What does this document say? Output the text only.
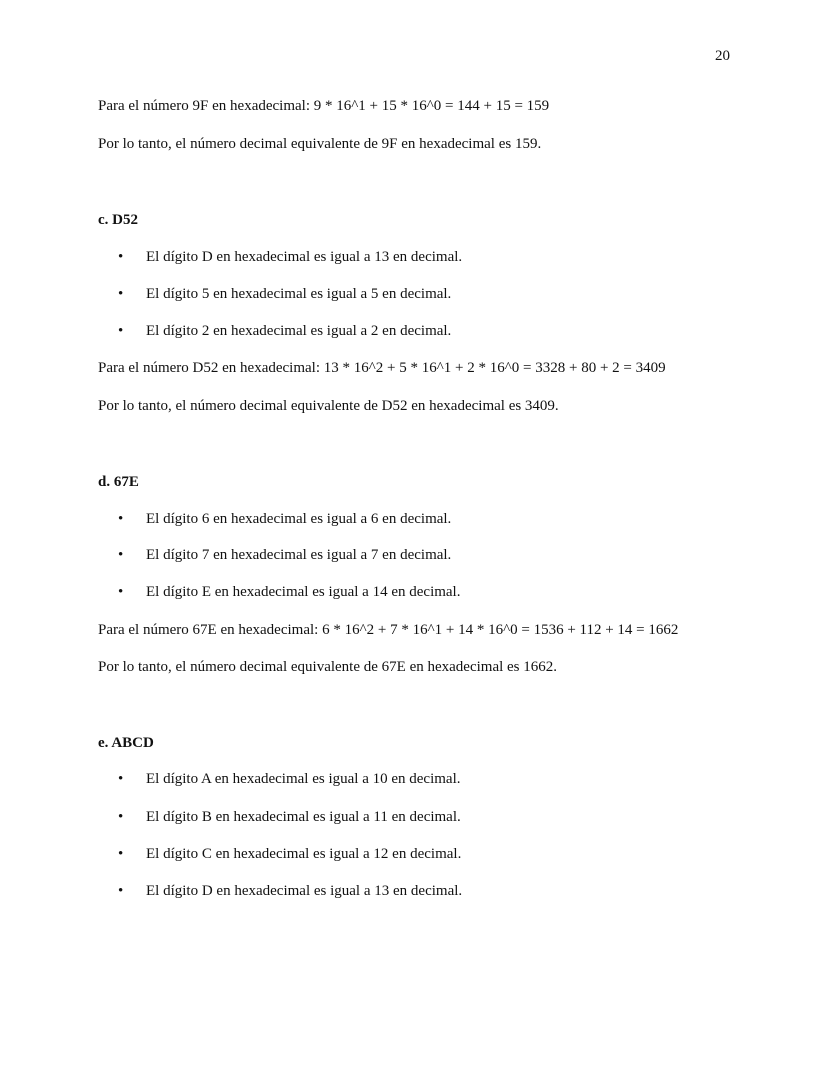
20
Para el número 9F en hexadecimal: 9 * 16^1 + 15 * 16^0 = 144 + 15 = 159
Por lo tanto, el número decimal equivalente de 9F en hexadecimal es 159.
c. D52
• El dígito D en hexadecimal es igual a 13 en decimal.
• El dígito 5 en hexadecimal es igual a 5 en decimal.
• El dígito 2 en hexadecimal es igual a 2 en decimal.
Para el número D52 en hexadecimal: 13 * 16^2 + 5 * 16^1 + 2 * 16^0 = 3328 + 80 + 2 = 3409
Por lo tanto, el número decimal equivalente de D52 en hexadecimal es 3409.
d. 67E
• El dígito 6 en hexadecimal es igual a 6 en decimal.
• El dígito 7 en hexadecimal es igual a 7 en decimal.
• El dígito E en hexadecimal es igual a 14 en decimal.
Para el número 67E en hexadecimal: 6 * 16^2 + 7 * 16^1 + 14 * 16^0 = 1536 + 112 + 14 = 1662
Por lo tanto, el número decimal equivalente de 67E en hexadecimal es 1662.
e. ABCD
• El dígito A en hexadecimal es igual a 10 en decimal.
• El dígito B en hexadecimal es igual a 11 en decimal.
• El dígito C en hexadecimal es igual a 12 en decimal.
• El dígito D en hexadecimal es igual a 13 en decimal.
